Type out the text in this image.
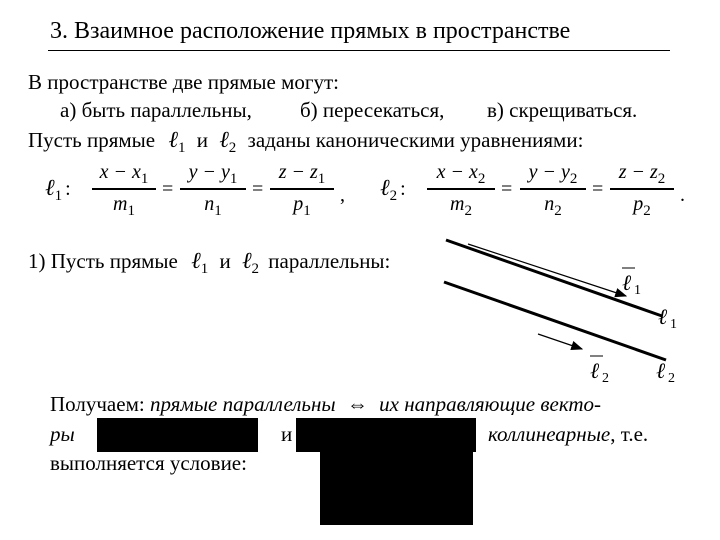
3. Взаимное расположение прямых в пространстве
В пространстве две прямые могут:
а) быть параллельны, б) пересекаться, в) скрещиваться.
Пусть прямые ℓ$_1$ и ℓ$_2$ заданы каноническими уравнениями:
ℓ$_1$ :
$x - x_1$
$m_1$
=
$y - y_1$
$n_1$
=
$z - z_1$
$p_1$
, ℓ$_2$ :
$x - x_2$
$m_2$
=
$y - y_2$
$n_2$
=
$z - z_2$
$p_2$
.
1) Пусть прямые ℓ$_1$ и ℓ$_2$ параллельны:
ℓ 1
ℓ 1
ℓ 2 ℓ 2
Получаем: прямые параллельны ⇔ их направляющие векто-
ры	и	коллинеарные, т.е.
выполняется условие:
